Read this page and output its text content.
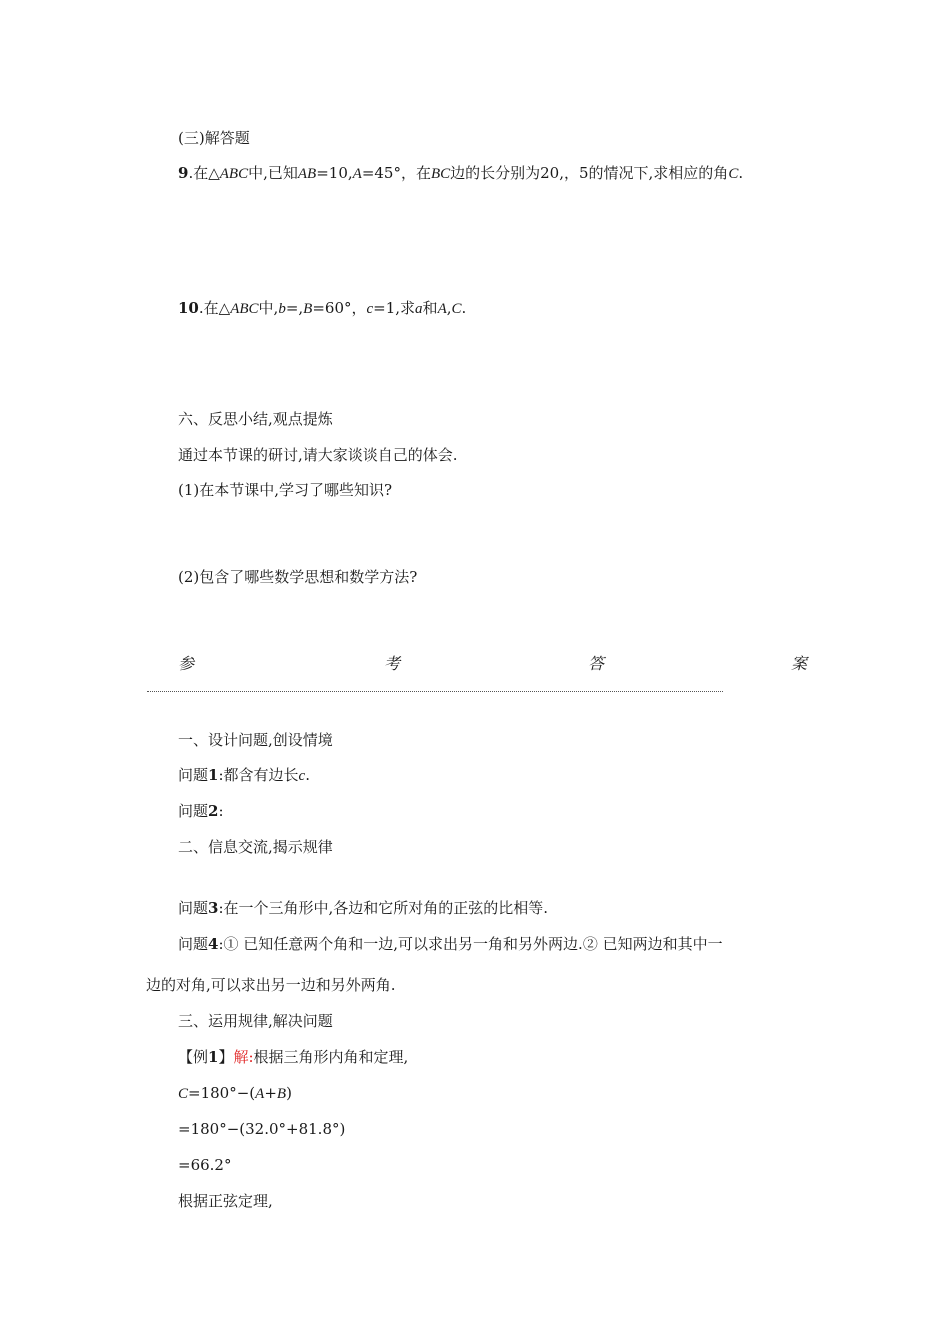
(三)解答题
9.在△ABC中,已知AB=10,A=45°，在BC边的长分别为20,，5的情况下,求相应的角C.
10.在△ABC中,b=,B=60°，c=1,求a和A,C.
六、反思小结,观点提炼
通过本节课的研讨,请大家谈谈自己的体会.
(1)在本节课中,学习了哪些知识?
(2)包含了哪些数学思想和数学方法?
参	考	答	案
一、设计问题,创设情境
问题1:都含有边长c.
问题2:
二、信息交流,揭示规律
问题3:在一个三角形中,各边和它所对角的正弦的比相等.
问题4:① 已知任意两个角和一边,可以求出另一角和另外两边.② 已知两边和其中一
边的对角,可以求出另一边和另外两角.
三、运用规律,解决问题
【例1】解:根据三角形内角和定理,
C=180°−(A+B)
=180°−(32.0°+81.8°)
=66.2°
根据正弦定理,
